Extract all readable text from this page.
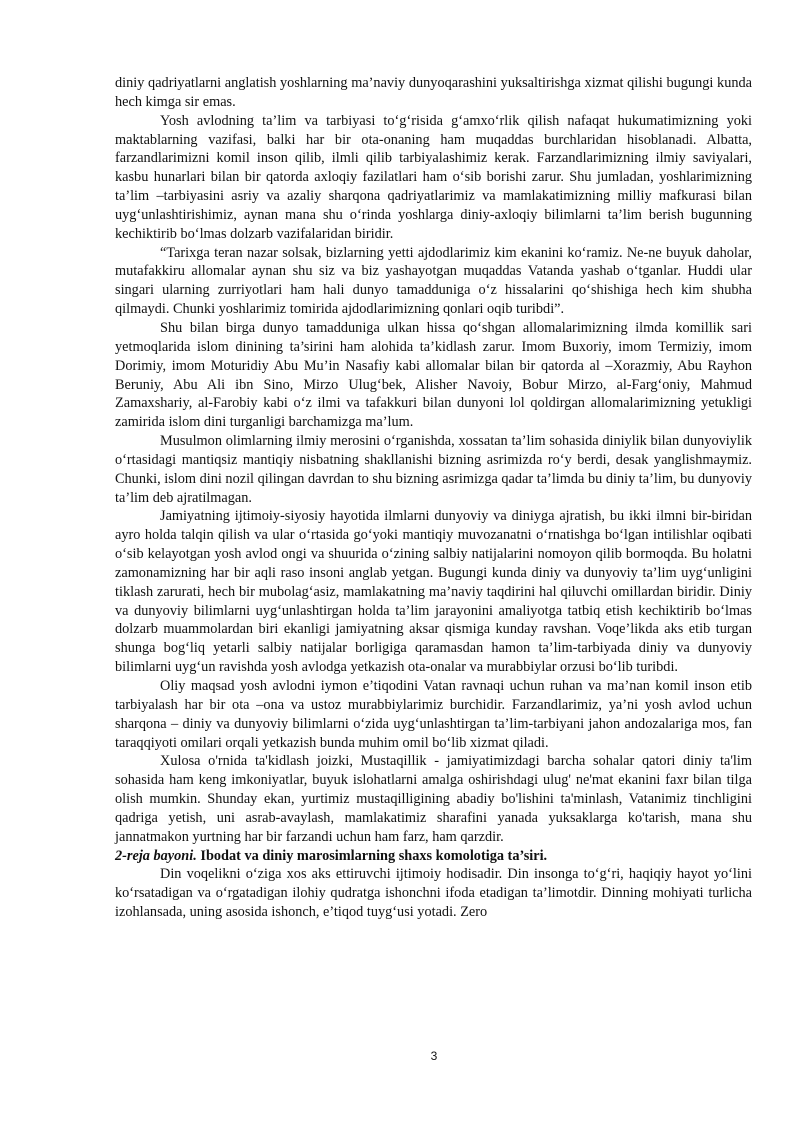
diniy qadriyatlarni anglatish yoshlarning ma’naviy dunyoqarashini yuksaltirishga xizmat qilishi bugungi kunda hech kimga sir emas.

Yosh avlodning ta’lim va tarbiyasi to‘g‘risida g‘amxo‘rlik qilish nafaqat hukumatimizning yoki maktablarning vazifasi, balki har bir ota-onaning ham muqaddas burchlaridan hisoblanadi. Albatta, farzandlarimizni komil inson qilib, ilmli qilib tarbiyalashimiz kerak. Farzandlarimizning ilmiy saviyalari, kasbu hunarlari bilan bir qatorda axloqiy fazilatlari ham o‘sib borishi zarur. Shu jumladan, yoshlarimizning ta’lim –tarbiyasini asriy va azaliy sharqona qadriyatlarimiz va mamlakatimizning milliy mafkurasi bilan uyg‘unlashtirishimiz, aynan mana shu o‘rinda yoshlarga diniy-axloqiy bilimlarni ta’lim berish bugunning kechiktirib bo‘lmas dolzarb vazifalaridan biridir.

“Tarixga teran nazar solsak, bizlarning yetti ajdodlarimiz kim ekanini ko‘ramiz. Ne-ne buyuk daholar, mutafakkiru allomalar aynan shu siz va biz yashayotgan muqaddas Vatanda yashab o‘tganlar. Huddi ular singari ularning zurriyotlari ham hali dunyo tamadduniga o‘z hissalarini qo‘shishiga hech kim shubha qilmaydi. Chunki yoshlarimiz tomirida ajdodlarimizning qonlari oqib turibdi”.

Shu bilan birga dunyo tamadduniga ulkan hissa qo‘shgan allomalarimizning ilmda komillik sari yetmoqlarida islom dinining ta’sirini ham alohida ta’kidlash zarur. Imom Buxoriy, imom Termiziy, imom Dorimiy, imom Moturidiy Abu Mu’in Nasafiy kabi allomalar bilan bir qatorda al –Xorazmiy, Abu Rayhon Beruniy, Abu Ali ibn Sino, Mirzo Ulug‘bek, Alisher Navoiy, Bobur Mirzo, al-Farg‘oniy, Mahmud Zamaxshariy, al-Farobiy kabi o‘z ilmi va tafakkuri bilan dunyoni lol qoldirgan allomalarimizning yetukligi zamirida islom dini turganligi barchamizga ma’lum.

Musulmon olimlarning ilmiy merosini o‘rganishda, xossatan ta’lim sohasida diniylik bilan dunyoviylik o‘rtasidagi mantiqsiz mantiqiy nisbatning shakllanishi bizning asrimizda ro‘y berdi, desak yanglishmaymiz. Chunki, islom dini nozil qilingan davrdan to shu bizning asrimizga qadar ta’limda bu diniy ta’lim, bu dunyoviy ta’lim deb ajratilmagan.

Jamiyatning ijtimoiy-siyosiy hayotida ilmlarni dunyoviy va diniyga ajratish, bu ikki ilmni bir-biridan ayro holda talqin qilish va ular o‘rtasida go‘yoki mantiqiy muvozanatni o‘rnatishga bo‘lgan intilishlar oqibati o‘sib kelayotgan yosh avlod ongi va shuurida o‘zining salbiy natijalarini nomoyon qilib bormoqda. Bu holatni zamonamizning har bir aqli raso insoni anglab yetgan. Bugungi kunda diniy va dunyoviy ta’lim uyg‘unligini tiklash zarurati, hech bir mubolag‘asiz, mamlakatning ma’naviy taqdirini hal qiluvchi omillardan biridir. Diniy va dunyoviy bilimlarni uyg‘unlashtirgan holda ta’lim jarayonini amaliyotga tatbiq etish kechiktirib bo‘lmas dolzarb muammolardan biri ekanligi jamiyatning aksar qismiga kunday ravshan. Voqe’likda aks etib turgan shunga bog‘liq yetarli salbiy natijalar borligiga qaramasdan hamon ta’lim-tarbiyada diniy va dunyoviy bilimlarni uyg‘un ravishda yosh avlodga yetkazish ota-onalar va murabbiylar orzusi bo‘lib turibdi.

Oliy maqsad yosh avlodni iymon e’tiqodini Vatan ravnaqi uchun ruhan va ma’nan komil inson etib tarbiyalash har bir ota –ona va ustoz murabbiylarimiz burchidir. Farzandlarimiz, ya’ni yosh avlod uchun sharqona – diniy va dunyoviy bilimlarni o‘zida uyg‘unlashtirgan ta’lim-tarbiyani jahon andozalariga mos, fan taraqqiyoti omilari orqali yetkazish bunda muhim omil bo‘lib xizmat qiladi.

Xulosa o'rnida ta'kidlash joizki, Mustaqillik - jamiyatimizdagi barcha sohalar qatori diniy ta'lim sohasida ham keng imkoniyatlar, buyuk islohatlarni amalga oshirishdagi ulug' ne'mat ekanini faxr bilan tilga olish mumkin. Shunday ekan, yurtimiz mustaqilligining abadiy bo'lishini ta'minlash, Vatanimiz tinchligini qadriga yetish, uni asrab-avaylash, mamlakatimiz sharafini yanada yuksaklarga ko'tarish, mana shu jannatmakon yurtning har bir farzandi uchun ham farz, ham qarzdir.

2-reja bayoni. Ibodat va diniy marosimlarning shaxs komolotiga ta’siri.

Din voqelikni o‘ziga xos aks ettiruvchi ijtimoiy hodisadir. Din insonga to‘g‘ri, haqiqiy hayot yo‘lini ko‘rsatadigan va o‘rgatadigan ilohiy qudratga ishonchni ifoda etadigan ta’limotdir. Dinning mohiyati turlicha izohlansada, uning asosida ishonch, e’tiqod tuyg‘usi yotadi. Zero

3
